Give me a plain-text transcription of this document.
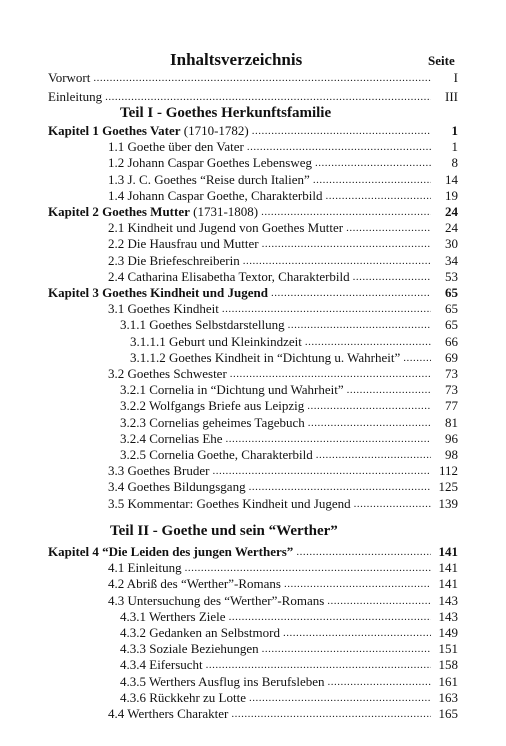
Inhaltsverzeichnis	Seite
Vorwort .....	I
Einleitung .....	III
Teil I - Goethes Herkunftsfamilie
Kapitel 1 Goethes Vater (1710-1782) .....	1
1.1 Goethe über den Vater .....	1
1.2 Johann Caspar Goethes Lebensweg .....	8
1.3 J. C. Goethes “Reise durch Italien” .....	14
1.4 Johann Caspar Goethe, Charakterbild .....	19
Kapitel 2 Goethes Mutter (1731-1808) .....	24
2.1 Kindheit und Jugend von Goethes Mutter .....	24
2.2 Die Hausfrau und Mutter .....	30
2.3 Die Briefeschreiberin .....	34
2.4 Catharina Elisabetha Textor, Charakterbild .....	53
Kapitel 3 Goethes Kindheit und Jugend .....	65
3.1 Goethes Kindheit .....	65
3.1.1 Goethes Selbstdarstellung .....	65
3.1.1.1 Geburt und Kleinkindzeit .....	66
3.1.1.2 Goethes Kindheit in “Dichtung u. Wahrheit” .....	69
3.2 Goethes Schwester .....	73
3.2.1 Cornelia in “Dichtung und Wahrheit” .....	73
3.2.2 Wolfgangs Briefe aus Leipzig .....	77
3.2.3 Cornelias geheimes Tagebuch .....	81
3.2.4 Cornelias Ehe .....	96
3.2.5 Cornelia Goethe, Charakterbild .....	98
3.3 Goethes Bruder .....	112
3.4 Goethes Bildungsgang .....	125
3.5 Kommentar: Goethes Kindheit und Jugend .....	139
Teil II - Goethe und sein “Werther”
Kapitel 4 “Die Leiden des jungen Werthers” .....	141
4.1 Einleitung .....	141
4.2 Abriß des “Werther”-Romans .....	141
4.3 Untersuchung des “Werther”-Romans .....	143
4.3.1 Werthers Ziele .....	143
4.3.2 Gedanken an Selbstmord .....	149
4.3.3 Soziale Beziehungen .....	151
4.3.4 Eifersucht .....	158
4.3.5 Werthers Ausflug ins Berufsleben .....	161
4.3.6 Rückkehr zu Lotte .....	163
4.4 Werthers Charakter .....	165
